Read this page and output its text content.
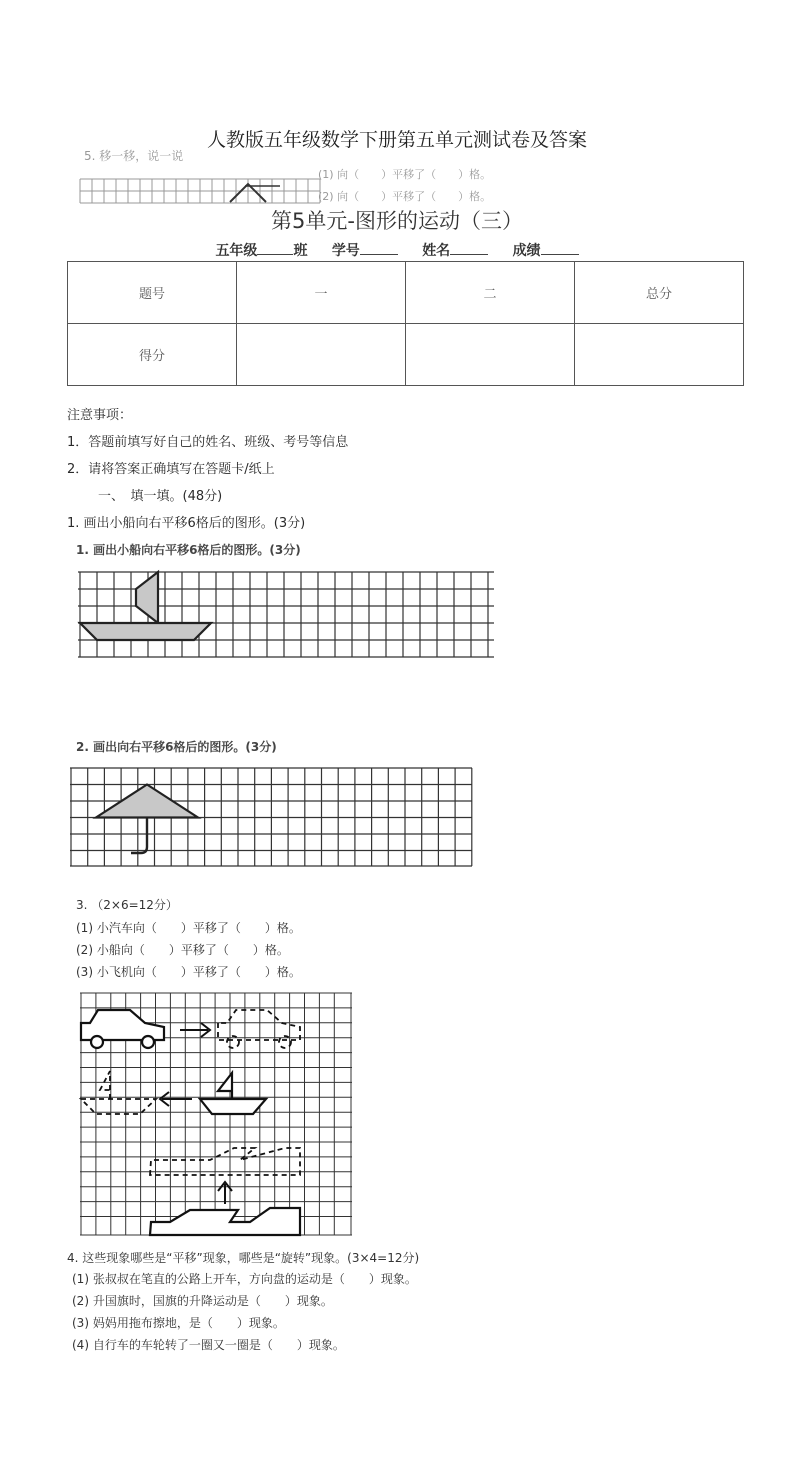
5. 移一移，说一说
(1) 向（　　）平移了（　　）格。
(2) 向（　　）平移了（　　）格。
人教版五年级数学下册第五单元测试卷及答案
第5单元-图形的运动（三）
五年级	班 学号	姓名	成绩
题号	一	二	总分
得分			
注意事项：
1．答题前填写好自己的姓名、班级、考号等信息
2．请将答案正确填写在答题卡/纸上
一、　填一填。(48分)
1. 画出小船向右平移6格后的图形。(3分)
1. 画出小船向右平移6格后的图形。(3分)
2. 画出向右平移6格后的图形。(3分)
3. （2×6=12分）
(1) 小汽车向（　　）平移了（　　）格。
(2) 小船向（　　）平移了（　　）格。
(3) 小飞机向（　　）平移了（　　）格。
4. 这些现象哪些是“平移”现象，哪些是“旋转”现象。(3×4=12分)
(1) 张叔叔在笔直的公路上开车，方向盘的运动是（　　）现象。
(2) 升国旗时，国旗的升降运动是（　　）现象。
(3) 妈妈用拖布擦地，是（　　）现象。
(4) 自行车的车轮转了一圈又一圈是（　　）现象。
